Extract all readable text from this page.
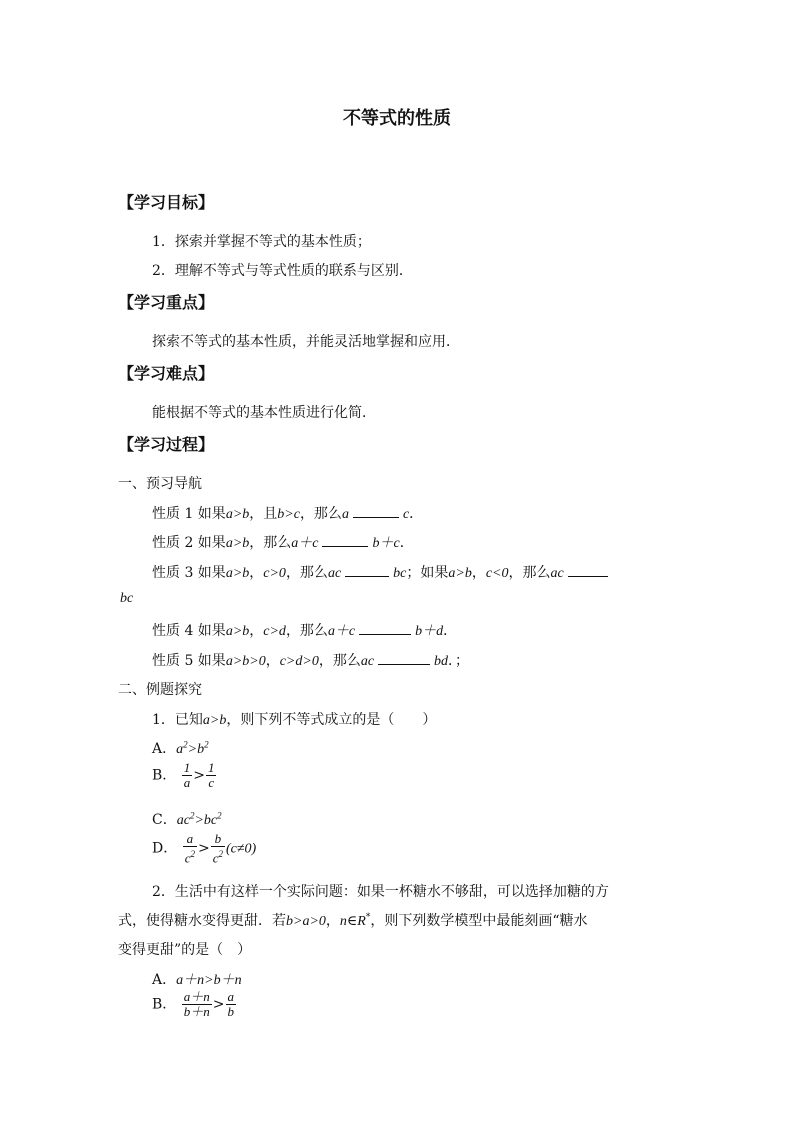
不等式的性质
【学习目标】
1．探索并掌握不等式的基本性质；
2．理解不等式与等式性质的联系与区别．
【学习重点】
探索不等式的基本性质，并能灵活地掌握和应用．
【学习难点】
能根据不等式的基本性质进行化简．
【学习过程】
一、预习导航
性质 1 如果a>b，且b>c，那么a	c．
性质 2 如果a>b，那么a＋c	b＋c．
性质 3 如果a>b，c>0，那么ac	bc；如果a>b，c<0，那么ac
bc
性质 4 如果a>b，c>d，那么a＋c	b＋d．
性质 5 如果a>b>0，c>d>0，那么ac	bd．；
二、例题探究
1．已知a>b，则下列不等式成立的是（　　）
A．$a^2>b^2$
B． $\frac{1}{a} > \frac{1}{c}$
C．$ac^2>bc^2$
D． $\frac{a}{c^2} > \frac{b}{c^2} (c\ne 0)$
2．生活中有这样一个实际问题：如果一杯糖水不够甜，可以选择加糖的方
式，使得糖水变得更甜．若b>a>0，n∈R*，则下列数学模型中最能刻画“糖水
变得更甜”的是（　）
A．a＋n>b＋n
B． $\frac{a+n}{b+n} > \frac{a}{b}$
